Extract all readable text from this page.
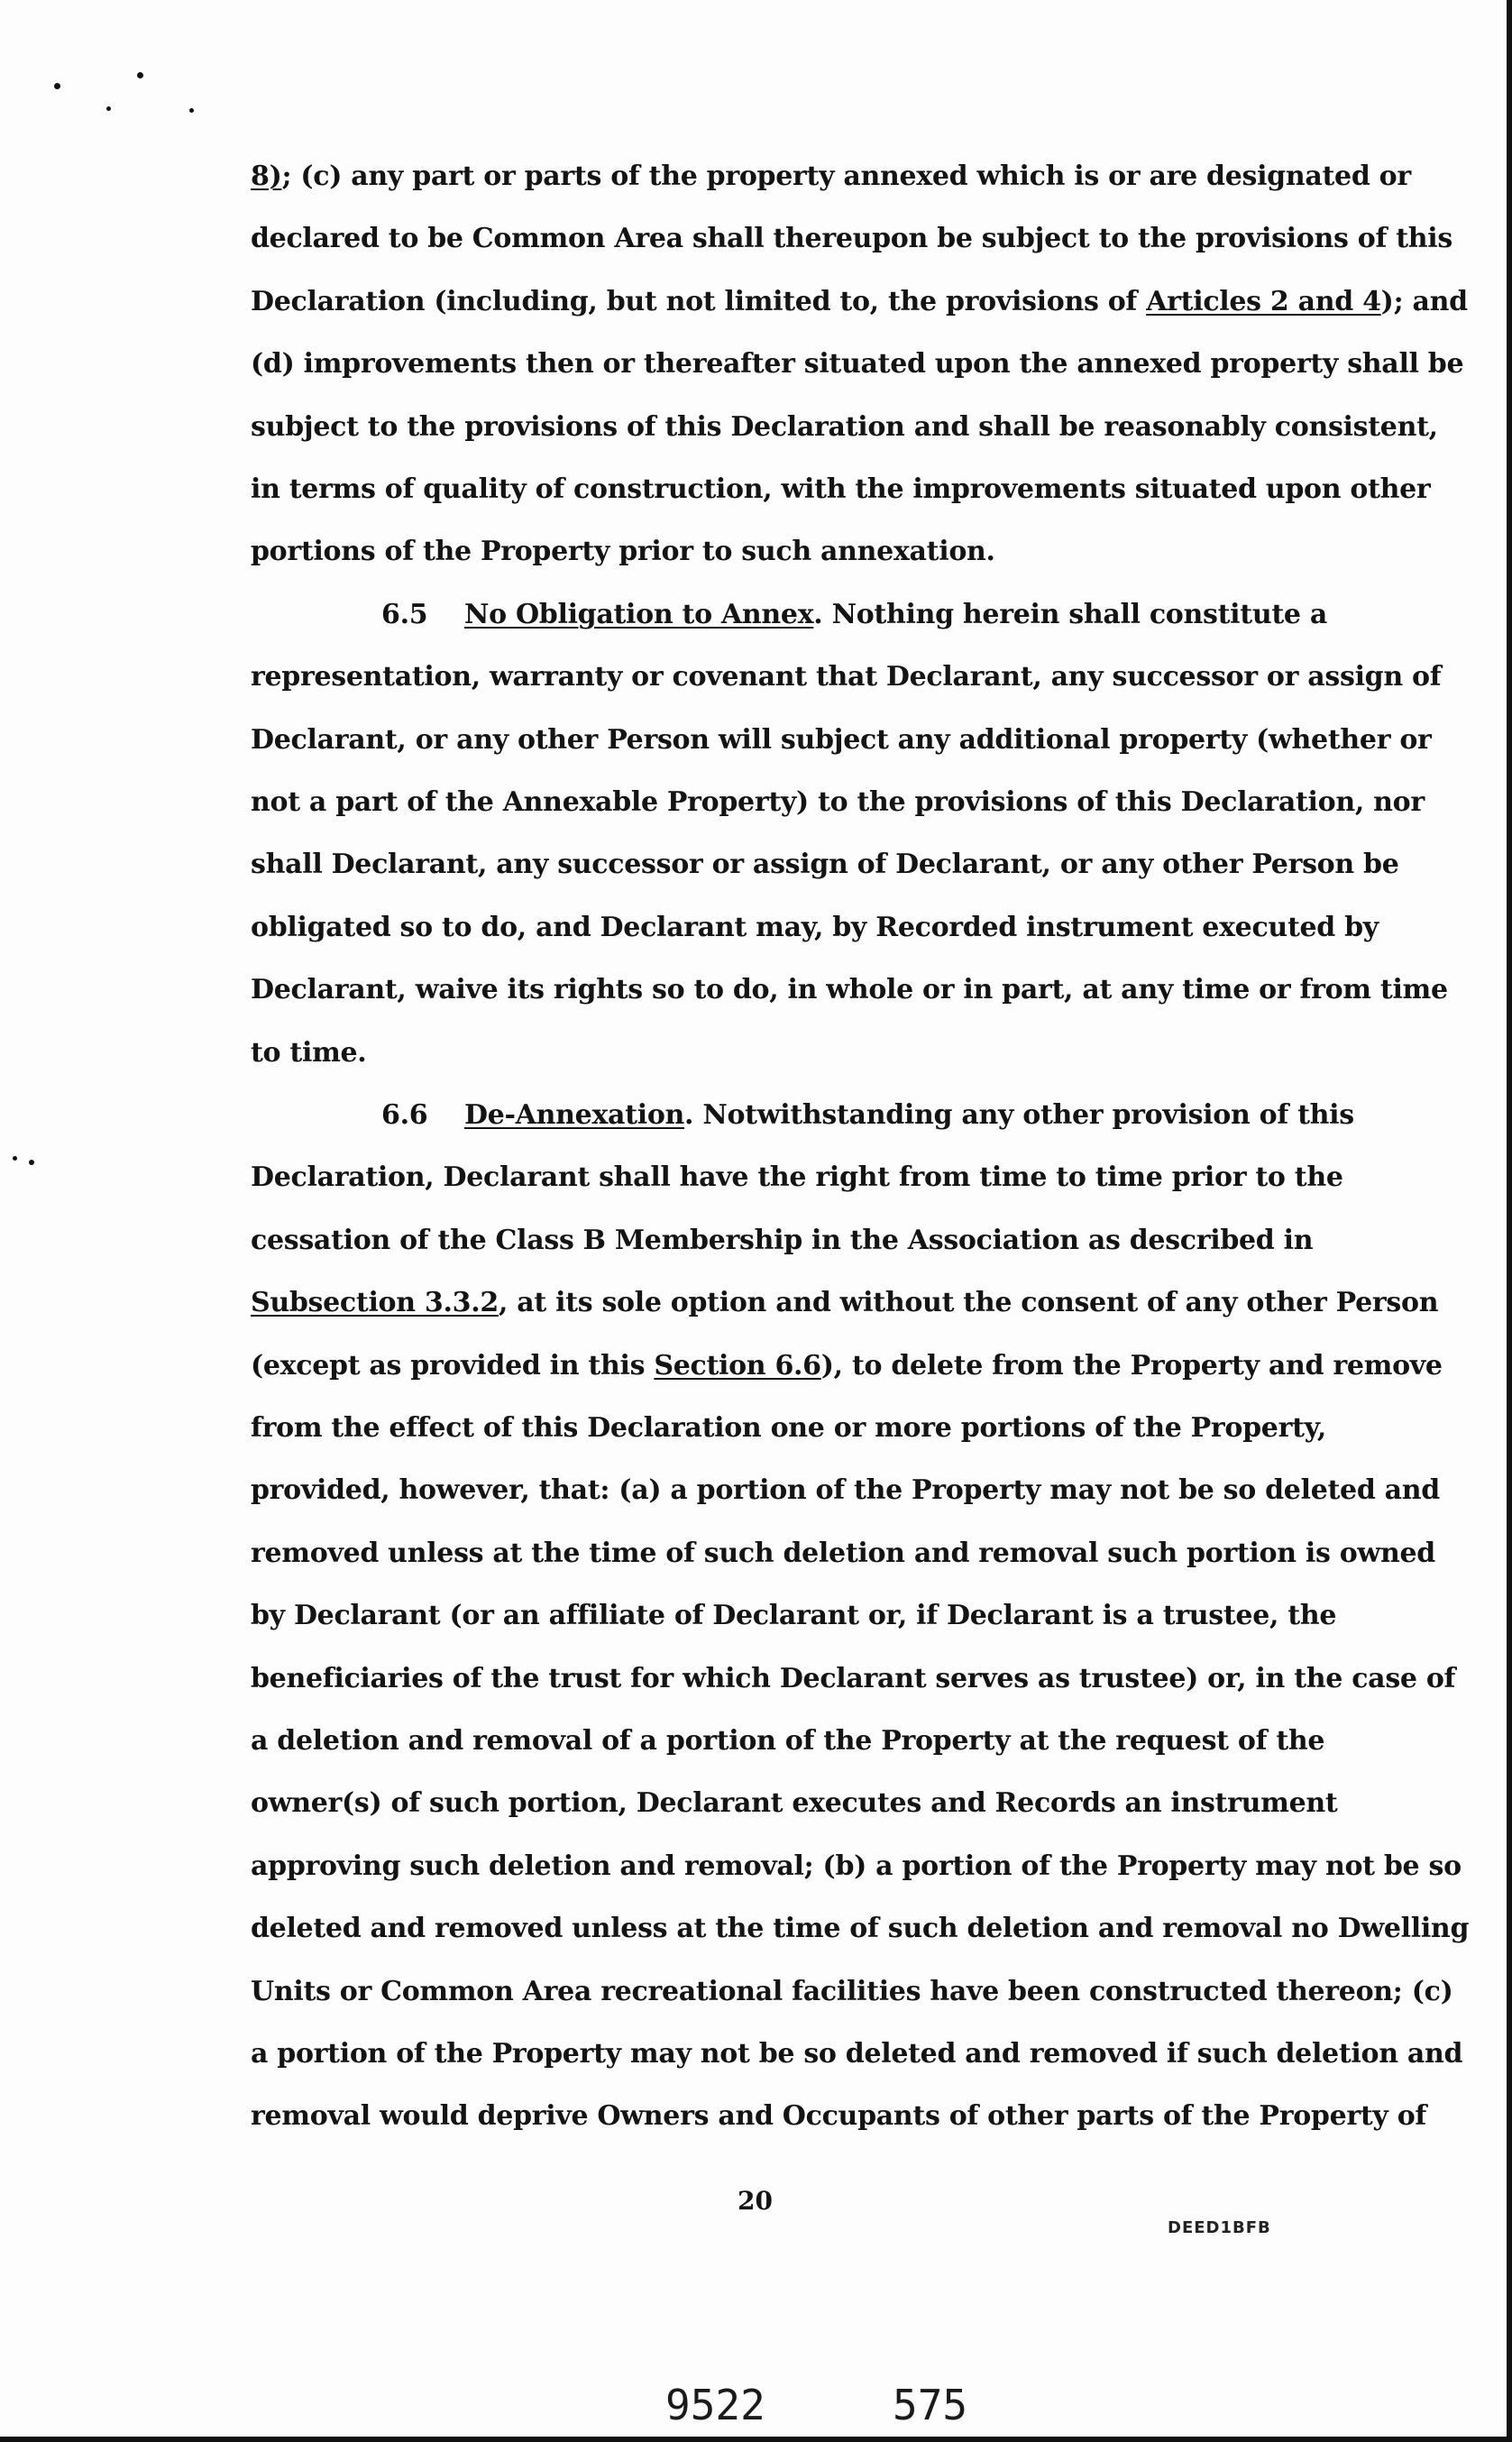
8); (c) any part or parts of the property annexed which is or are designated or
declared to be Common Area shall thereupon be subject to the provisions of this
Declaration (including, but not limited to, the provisions of Articles 2 and 4); and
(d) improvements then or thereafter situated upon the annexed property shall be
subject to the provisions of this Declaration and shall be reasonably consistent,
in terms of quality of construction, with the improvements situated upon other
portions of the Property prior to such annexation.
6.5 No Obligation to Annex. Nothing herein shall constitute a
representation, warranty or covenant that Declarant, any successor or assign of
Declarant, or any other Person will subject any additional property (whether or
not a part of the Annexable Property) to the provisions of this Declaration, nor
shall Declarant, any successor or assign of Declarant, or any other Person be
obligated so to do, and Declarant may, by Recorded instrument executed by
Declarant, waive its rights so to do, in whole or in part, at any time or from time
to time.
6.6 De-Annexation. Notwithstanding any other provision of this
Declaration, Declarant shall have the right from time to time prior to the
cessation of the Class B Membership in the Association as described in
Subsection 3.3.2, at its sole option and without the consent of any other Person
(except as provided in this Section 6.6), to delete from the Property and remove
from the effect of this Declaration one or more portions of the Property,
provided, however, that: (a) a portion of the Property may not be so deleted and
removed unless at the time of such deletion and removal such portion is owned
by Declarant (or an affiliate of Declarant or, if Declarant is a trustee, the
beneficiaries of the trust for which Declarant serves as trustee) or, in the case of
a deletion and removal of a portion of the Property at the request of the
owner(s) of such portion, Declarant executes and Records an instrument
approving such deletion and removal; (b) a portion of the Property may not be so
deleted and removed unless at the time of such deletion and removal no Dwelling
Units or Common Area recreational facilities have been constructed thereon; (c)
a portion of the Property may not be so deleted and removed if such deletion and
removal would deprive Owners and Occupants of other parts of the Property of
20
DEED1BFB
9522	575
